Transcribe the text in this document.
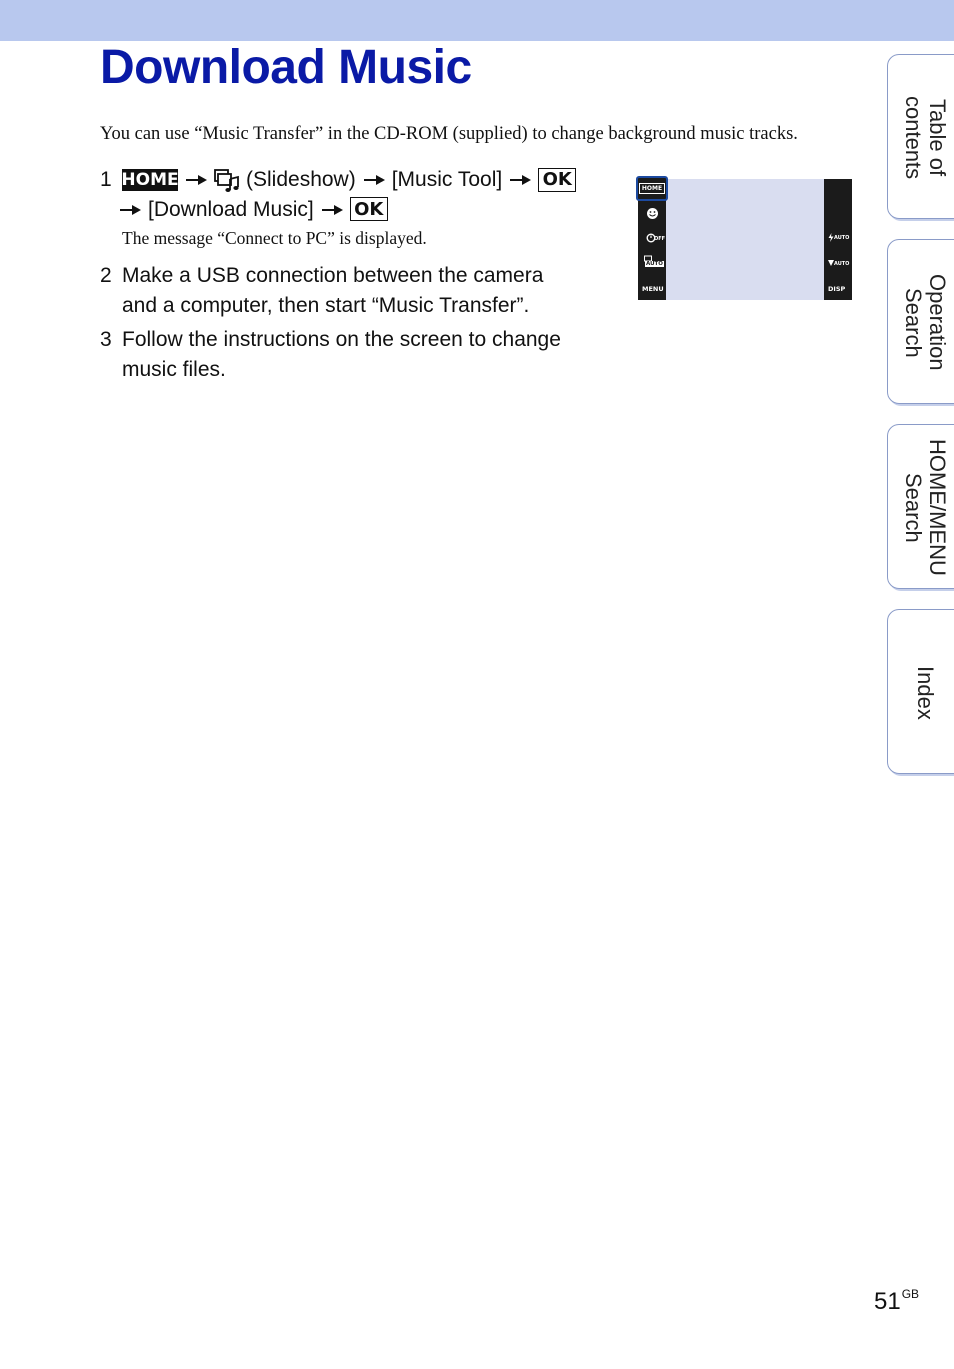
Download Music

You can use “Music Transfer” in the CD-ROM (supplied) to change background music tracks.

1 HOME	(Slideshow) [Music Tool] OK
[Download Music] OK
The message “Connect to PC” is displayed.
2 Make a USB connection between the camera
and a computer, then start “Music Transfer”.
3 Follow the instructions on the screen to change
music files.
HOME
OFF
AUTO
MENU
AUTO
AUTO
DISP
Table of contents
Operation Search
HOME/MENU Search
Index
$51^{GB}$
